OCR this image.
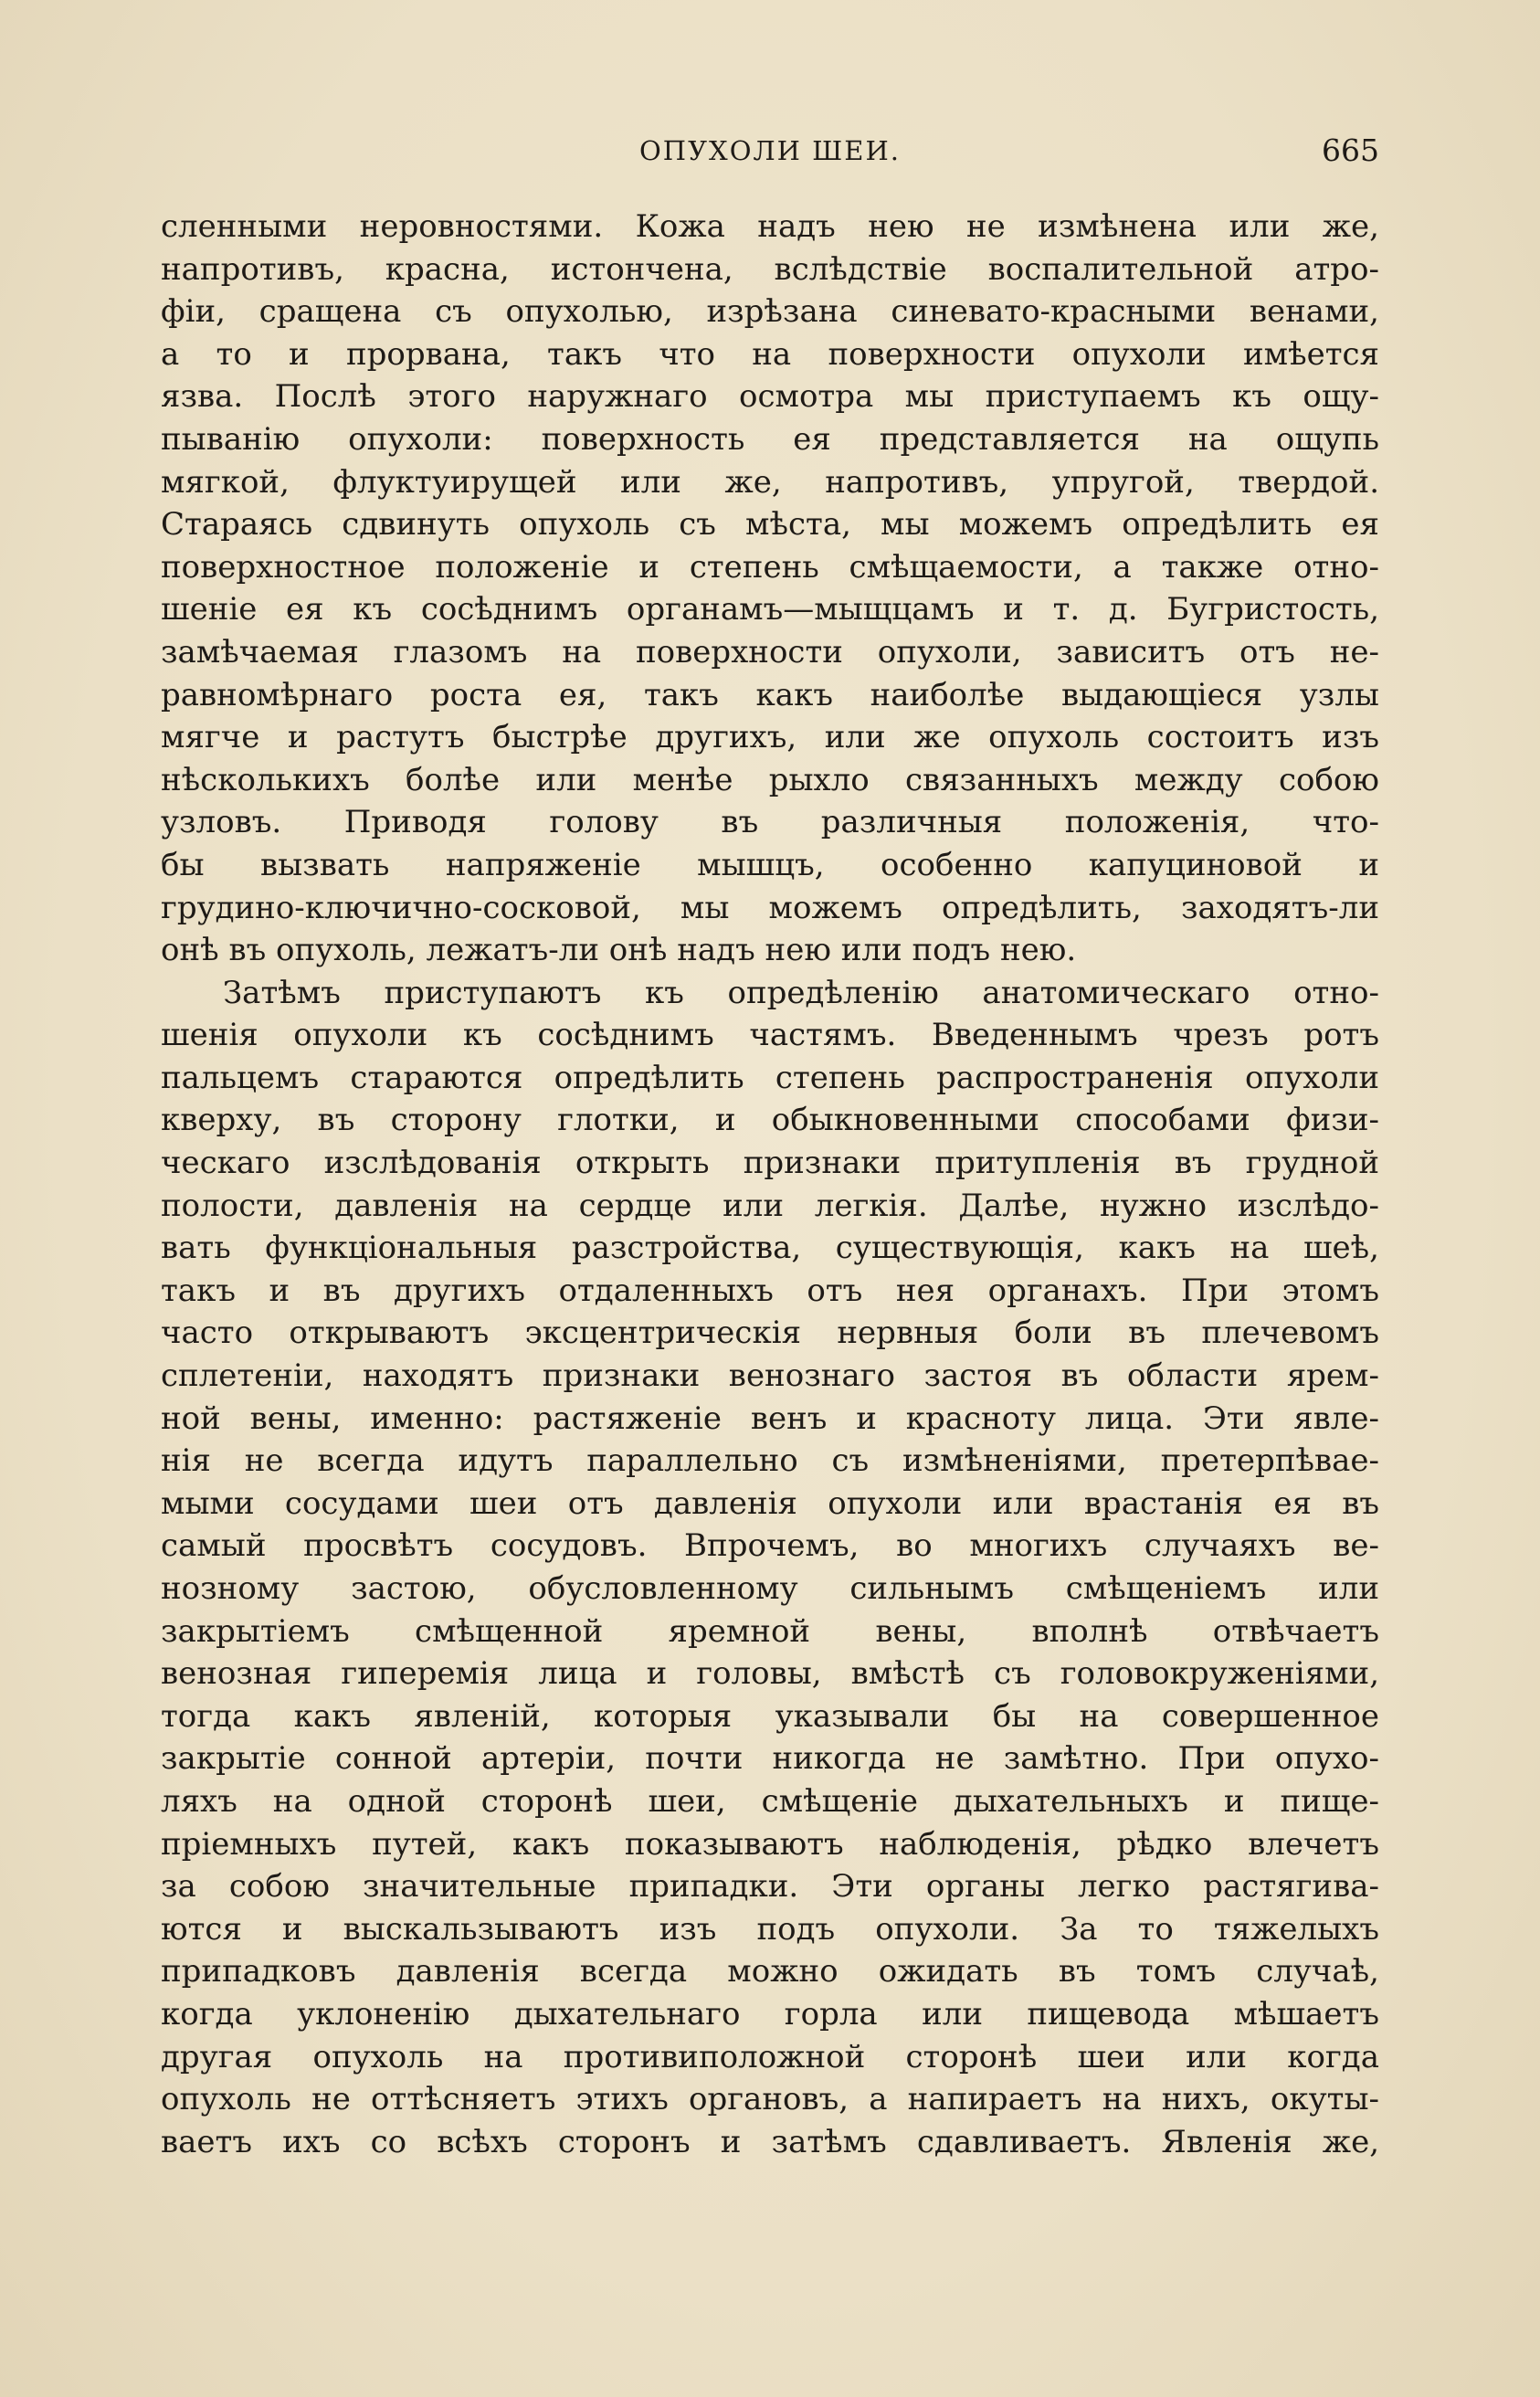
ОПУХОЛИ ШЕИ.	665
сленными неровностями. Кожа надъ нею не измѣнена или же,
напротивъ, красна, истончена, вслѣдствіе воспалительной атро-
фіи, сращена съ опухолью, изрѣзана синевато-красными венами,
а то и прорвана, такъ что на поверхности опухоли имѣется
язва. Послѣ этого наружнаго осмотра мы приступаемъ къ ощу-
пыванію опухоли: поверхность ея представляется на ощупь
мягкой, флуктуирущей или же, напротивъ, упругой, твердой.
Стараясь сдвинуть опухоль съ мѣста, мы можемъ опредѣлить ея
поверхностное положеніе и степень смѣщаемости, а также отно-
шеніе ея къ сосѣднимъ органамъ—мыщцамъ и т. д. Бугристость,
замѣчаемая глазомъ на поверхности опухоли, зависитъ отъ не-
равномѣрнаго роста ея, такъ какъ наиболѣе выдающіеся узлы
мягче и растутъ быстрѣе другихъ, или же опухоль состоитъ изъ
нѣсколькихъ болѣе или менѣе рыхло связанныхъ между собою
узловъ. Приводя голову въ различныя положенія, что-
бы вызвать напряженіе мышцъ, особенно капуциновой и
грудино-ключично-сосковой, мы можемъ опредѣлить, заходятъ-ли
онѣ въ опухоль, лежатъ-ли онѣ надъ нею или подъ нею.
Затѣмъ приступаютъ къ опредѣленію анатомическаго отно-
шенія опухоли къ сосѣднимъ частямъ. Введеннымъ чрезъ ротъ
пальцемъ стараются опредѣлить степень распространенія опухоли
кверху, въ сторону глотки, и обыкновенными способами физи-
ческаго изслѣдованія открыть признаки притупленія въ грудной
полости, давленія на сердце или легкія. Далѣе, нужно изслѣдо-
вать функціональныя разстройства, существующія, какъ на шеѣ,
такъ и въ другихъ отдаленныхъ отъ нея органахъ. При этомъ
часто открываютъ эксцентрическія нервныя боли въ плечевомъ
сплетеніи, находятъ признаки венознаго застоя въ области ярем-
ной вены, именно: растяженіе венъ и красноту лица. Эти явле-
нія не всегда идутъ параллельно съ измѣненіями, претерпѣвае-
мыми сосудами шеи отъ давленія опухоли или врастанія ея въ
самый просвѣтъ сосудовъ. Впрочемъ, во многихъ случаяхъ ве-
нозному застою, обусловленному сильнымъ смѣщеніемъ или
закрытіемъ смѣщенной яремной вены, вполнѣ отвѣчаетъ
венозная гиперемія лица и головы, вмѣстѣ съ головокруженіями,
тогда какъ явленій, которыя указывали бы на совершенное
закрытіе сонной артеріи, почти никогда не замѣтно. При опухо-
ляхъ на одной сторонѣ шеи, смѣщеніе дыхательныхъ и пище-
пріемныхъ путей, какъ показываютъ наблюденія, рѣдко влечетъ
за собою значительные припадки. Эти органы легко растягива-
ются и выскальзываютъ изъ подъ опухоли. За то тяжелыхъ
припадковъ давленія всегда можно ожидать въ томъ случаѣ,
когда уклоненію дыхательнаго горла или пищевода мѣшаетъ
другая опухоль на противиположной сторонѣ шеи или когда
опухоль не оттѣсняетъ этихъ органовъ, а напираетъ на нихъ, окуты-
ваетъ ихъ со всѣхъ сторонъ и затѣмъ сдавливаетъ. Явленія же,
